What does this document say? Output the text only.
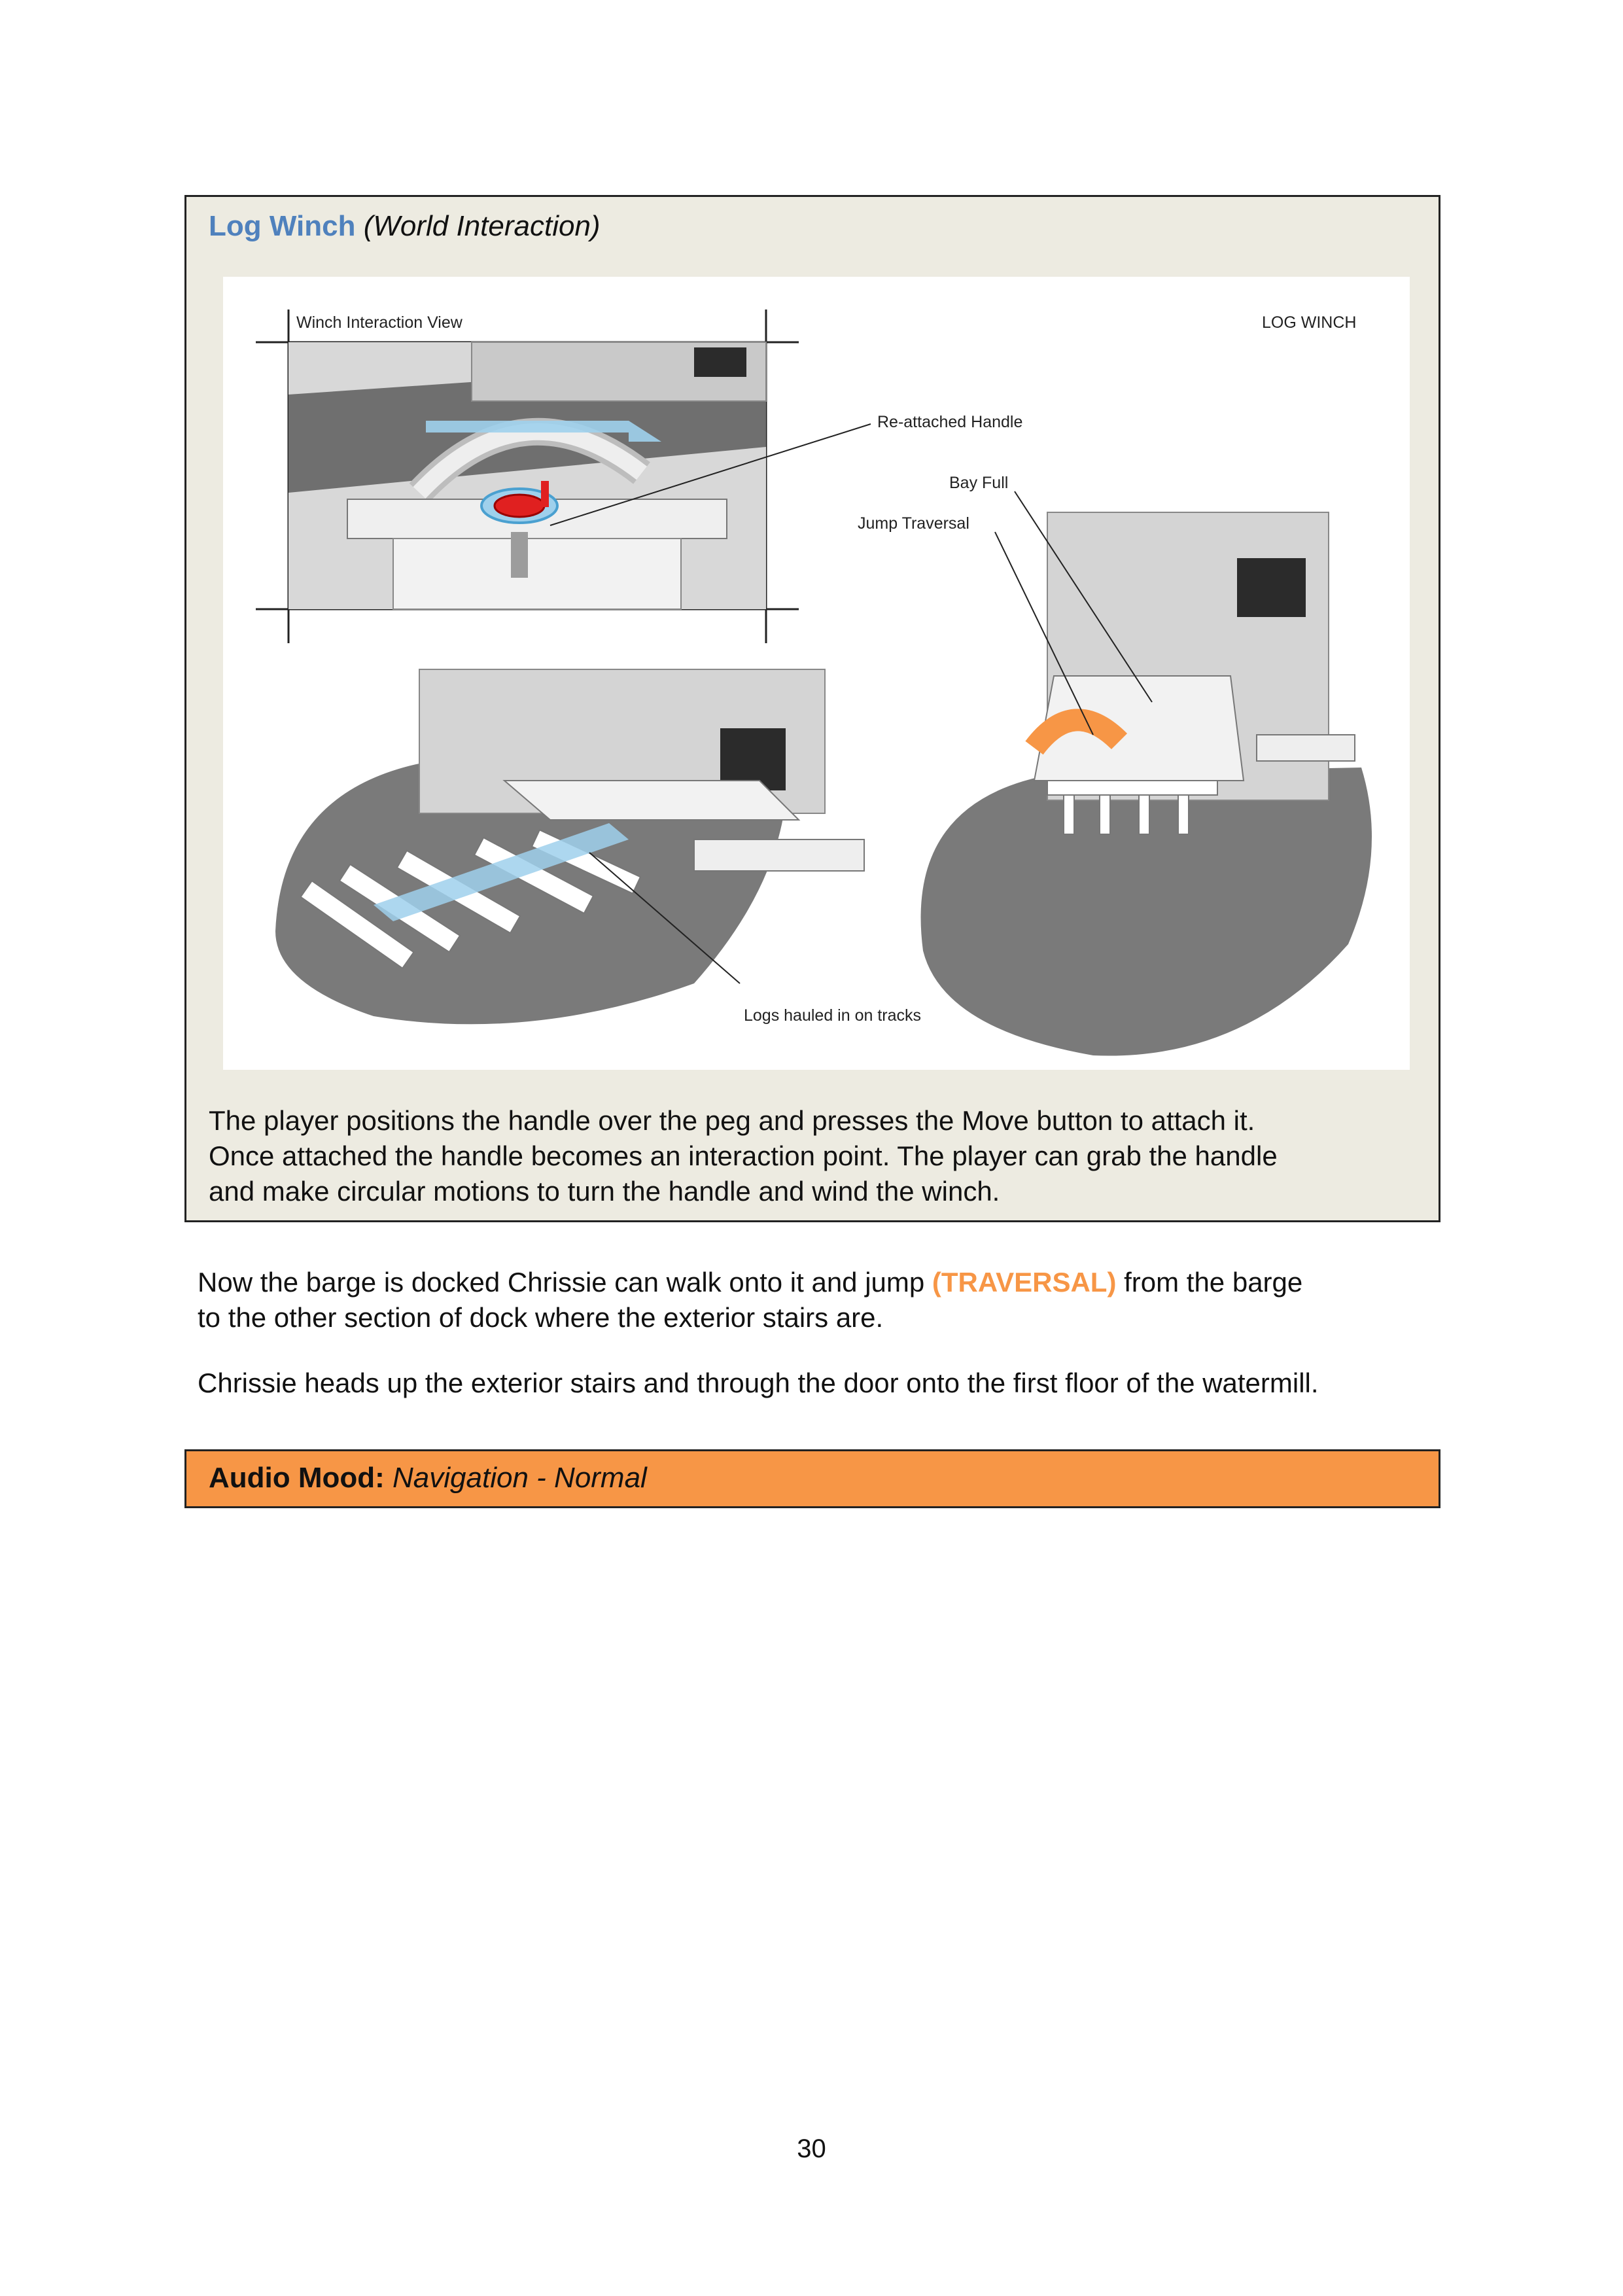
Log Winch (World Interaction)
Winch Interaction View	LOG WINCH
Re-attached Handle
Bay Full
Jump Traversal
Logs hauled in on tracks

The player positions the handle over the peg and presses the Move button to attach it.
Once attached the handle becomes an interaction point. The player can grab the handle
and make circular motions to turn the handle and wind the winch.

Now the barge is docked Chrissie can walk onto it and jump (TRAVERSAL) from the barge
to the other section of dock where the exterior stairs are.

Chrissie heads up the exterior stairs and through the door onto the first floor of the watermill.

Audio Mood: Navigation - Normal
30
